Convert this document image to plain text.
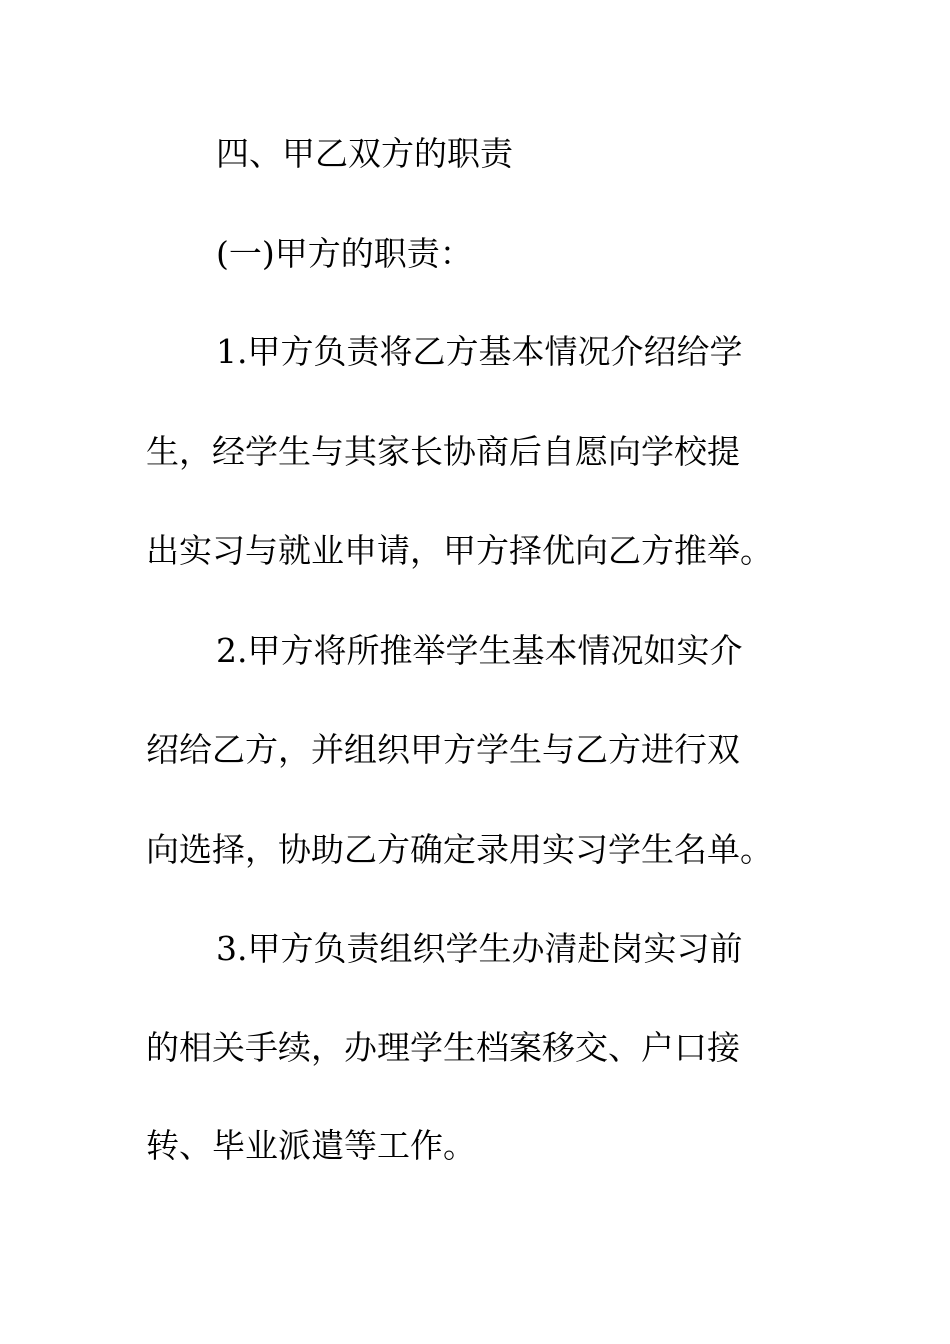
四、甲乙双方的职责
(一)甲方的职责：
1.甲方负责将乙方基本情况介绍给学
生，经学生与其家长协商后自愿向学校提
出实习与就业申请，甲方择优向乙方推举。
2.甲方将所推举学生基本情况如实介
绍给乙方，并组织甲方学生与乙方进行双
向选择，协助乙方确定录用实习学生名单。
3.甲方负责组织学生办清赴岗实习前
的相关手续，办理学生档案移交、户口接
转、毕业派遣等工作。
